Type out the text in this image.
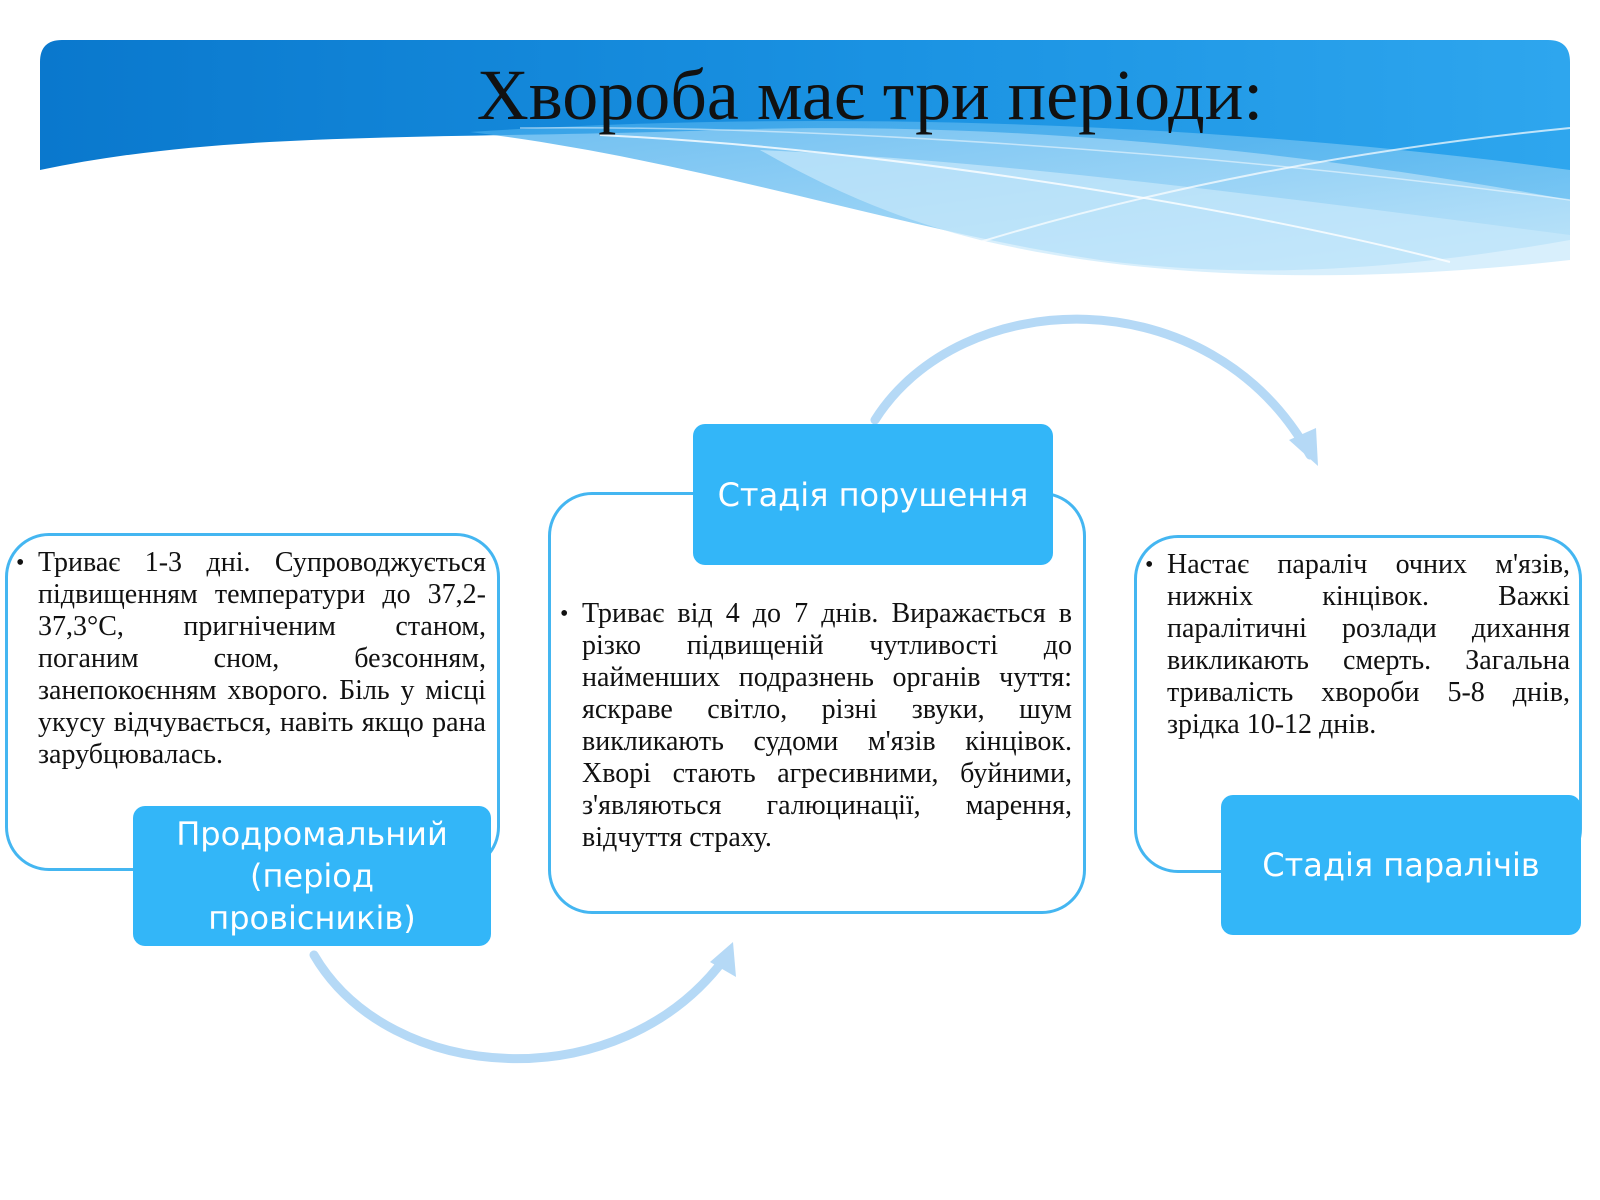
Хвороба має три періоди:
• Триває 1-3 дні. Супроводжується підвищенням температури до 37,2-37,3°С, пригніченим станом, поганим сном, безсонням, занепокоєнням хворого. Біль у місці укусу відчувається, навіть якщо рана зарубцювалась.
Продромальний
(період провісників)
• Триває від 4 до 7 днів. Виражається в різко підвищеній чутливості до найменших подразнень органів чуття: яскраве світло, різні звуки, шум викликають судоми м'язів кінцівок. Хворі стають агресивними, буйними, з'являються галюцинації, марення, відчуття страху.
Стадія порушення
• Настає параліч очних м'язів, нижніх кінцівок. Важкі паралітичні розлади дихання викликають смерть. Загальна тривалість хвороби 5-8 днів, зрідка 10-12 днів.
Стадія паралічів
